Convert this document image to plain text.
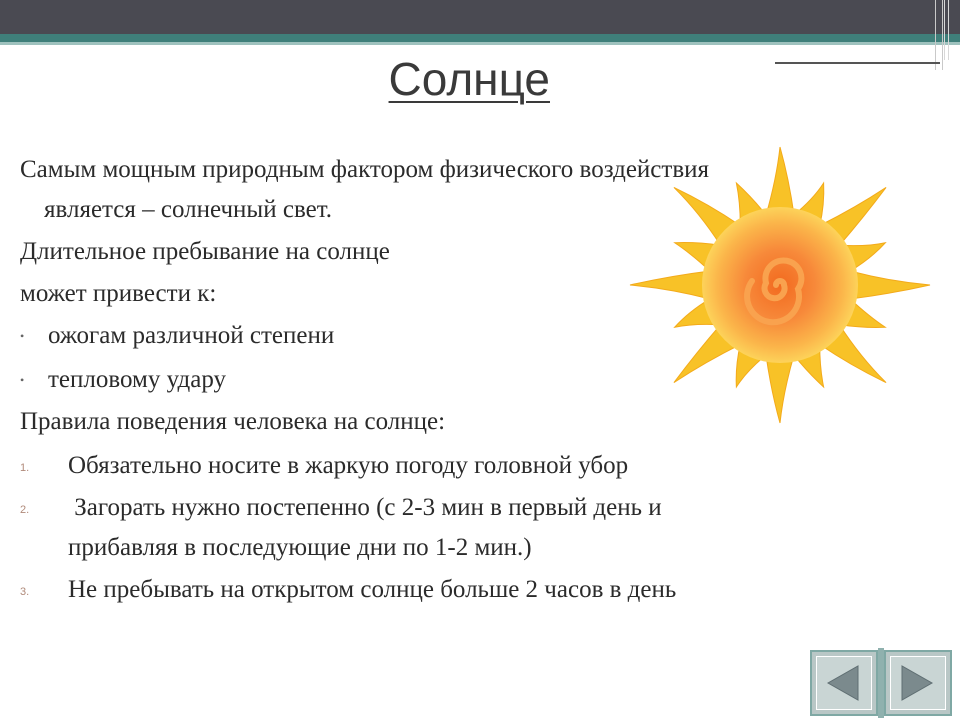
Солнце
Самым мощным природным фактором физического воздействия
является – солнечный свет.
Длительное пребывание на солнце
может привести к:
• ожогам различной степени
• тепловому удару
Правила поведения человека на солнце:
1. Обязательно носите в жаркую погоду головной убор
2. Загорать нужно постепенно (с 2-3 мин в первый день и
прибавляя в последующие дни по 1-2 мин.)
3. Не пребывать на открытом солнце больше 2 часов в день
